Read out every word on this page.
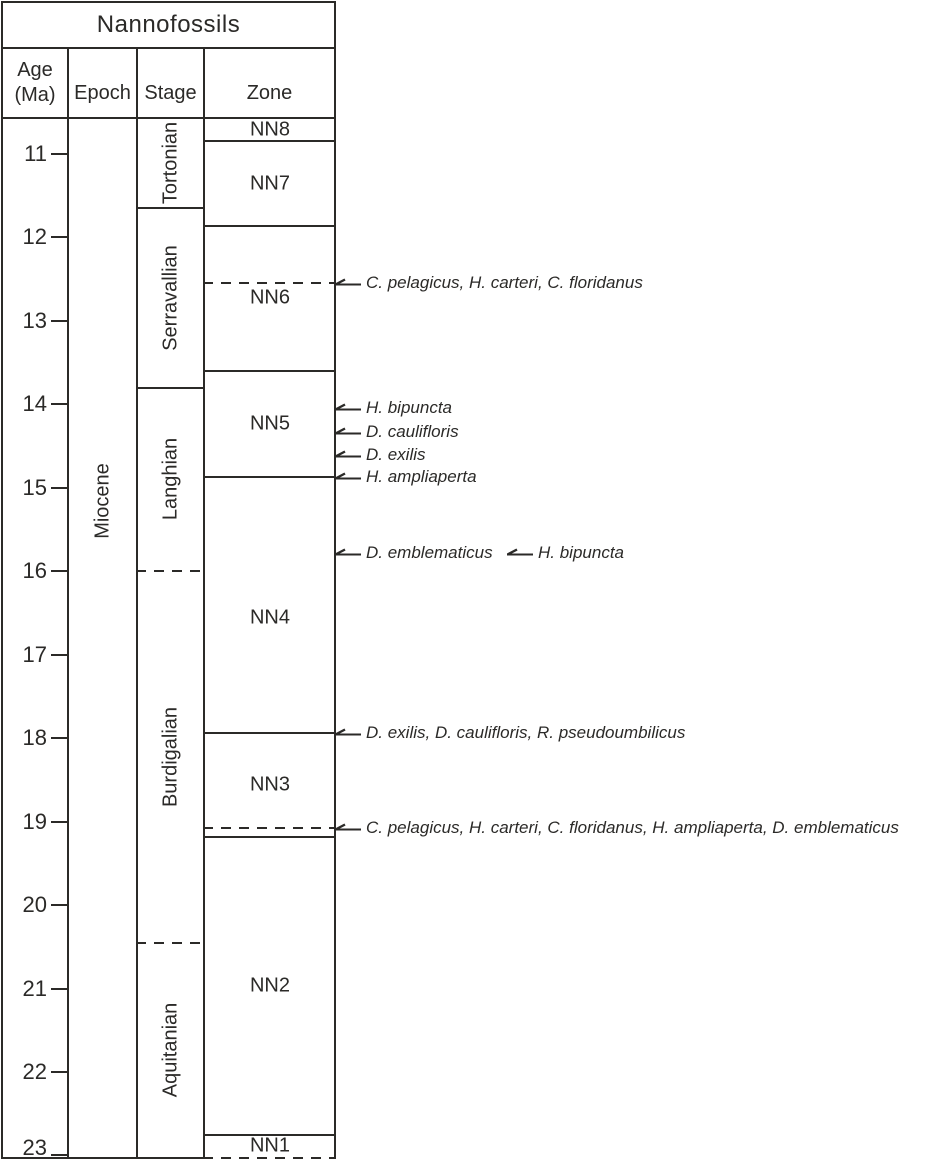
Nannofossils
Age
(Ma) Epoch Stage	Zone
11
12
13
14
15
16
17
18
19
20
21
22
23
Miocene
Tortonian
Serravallian
Langhian
Burdigalian
Aquitanian
NN8
NN7
NN6
NN5
NN4
NN3
NN2
NN1
C. pelagicus, H. carteri, C. floridanus
H. bipuncta
D. caulifloris
D. exilis
H. ampliaperta
D. emblematicus	H. bipuncta
D. exilis, D. caulifloris, R. pseudoumbilicus
C. pelagicus, H. carteri, C. floridanus, H. ampliaperta, D. emblematicus
